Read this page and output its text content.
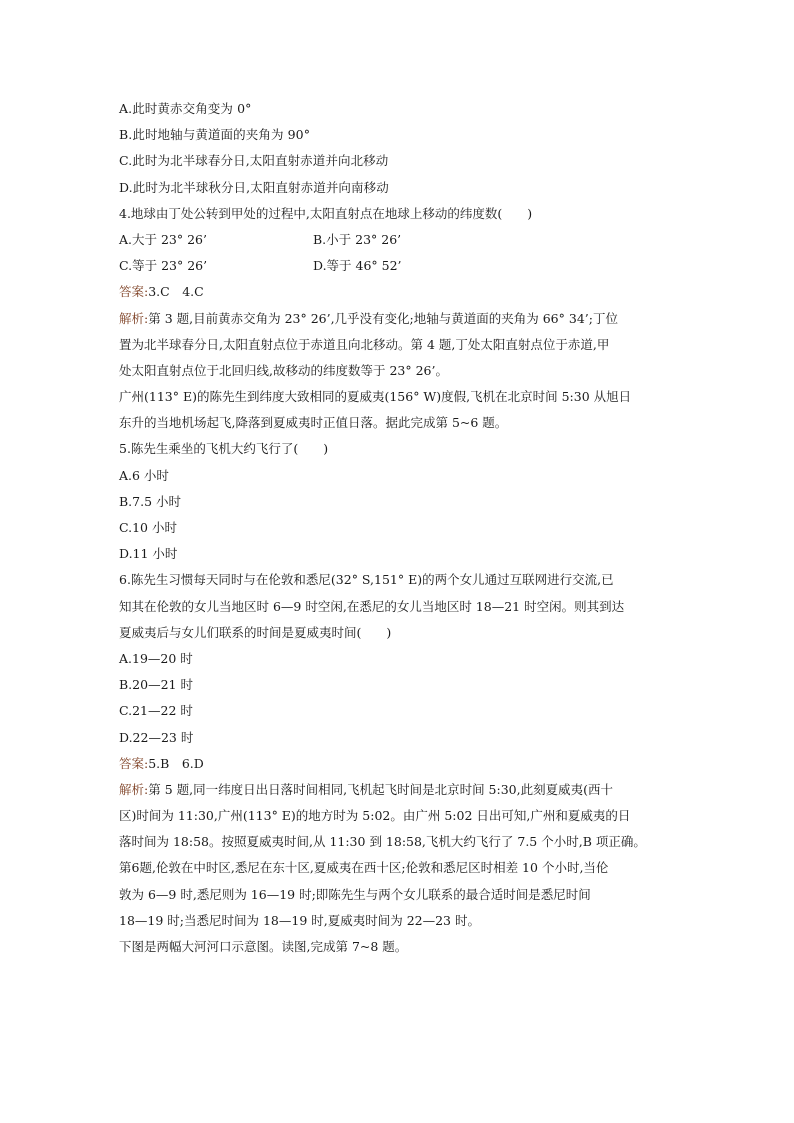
A.此时黄赤交角变为 0°
B.此时地轴与黄道面的夹角为 90°
C.此时为北半球春分日,太阳直射赤道并向北移动
D.此时为北半球秋分日,太阳直射赤道并向南移动
4.地球由丁处公转到甲处的过程中,太阳直射点在地球上移动的纬度数(　　)
A.大于 23° 26’	B.小于 23° 26’
C.等于 23° 26’	D.等于 46° 52’
答案:3.C　4.C
解析:第 3 题,目前黄赤交角为 23° 26’,几乎没有变化;地轴与黄道面的夹角为 66° 34’;丁位
置为北半球春分日,太阳直射点位于赤道且向北移动。第 4 题,丁处太阳直射点位于赤道,甲
处太阳直射点位于北回归线,故移动的纬度数等于 23° 26’。
广州(113° E)的陈先生到纬度大致相同的夏威夷(156° W)度假,飞机在北京时间 5:30 从旭日
东升的当地机场起飞,降落到夏威夷时正值日落。据此完成第 5~6 题。
5.陈先生乘坐的飞机大约飞行了(　　)
A.6 小时
B.7.5 小时
C.10 小时
D.11 小时
6.陈先生习惯每天同时与在伦敦和悉尼(32° S,151° E)的两个女儿通过互联网进行交流,已
知其在伦敦的女儿当地区时 6—9 时空闲,在悉尼的女儿当地区时 18—21 时空闲。则其到达
夏威夷后与女儿们联系的时间是夏威夷时间(　　)
A.19—20 时
B.20—21 时
C.21—22 时
D.22—23 时
答案:5.B　6.D
解析:第 5 题,同一纬度日出日落时间相同,飞机起飞时间是北京时间 5:30,此刻夏威夷(西十
区)时间为 11:30,广州(113° E)的地方时为 5:02。由广州 5:02 日出可知,广州和夏威夷的日
落时间为 18:58。按照夏威夷时间,从 11:30 到 18:58,飞机大约飞行了 7.5 个小时,B 项正确。
第6题,伦敦在中时区,悉尼在东十区,夏威夷在西十区;伦敦和悉尼区时相差 10 个小时,当伦
敦为 6—9 时,悉尼则为 16—19 时;即陈先生与两个女儿联系的最合适时间是悉尼时间
18—19 时;当悉尼时间为 18—19 时,夏威夷时间为 22—23 时。
下图是两幅大河河口示意图。读图,完成第 7~8 题。
